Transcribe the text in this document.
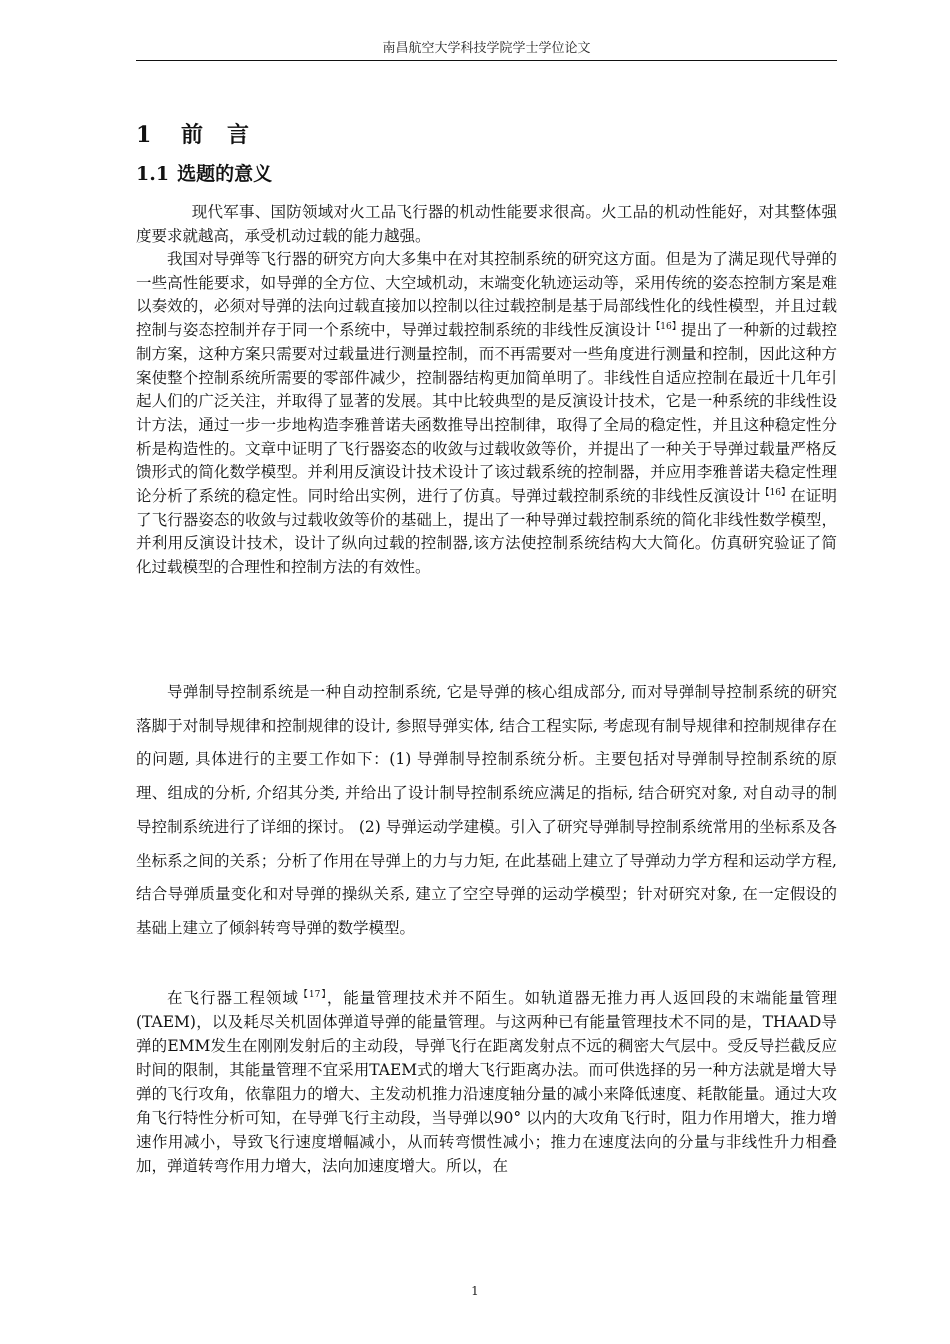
南昌航空大学科技学院学士学位论文
1 前　言
1.1 选题的意义

现代军事、国防领域对火工品飞行器的机动性能要求很高。火工品的机动性能好，对其整体强度要求就越高，承受机动过载的能力越强。

我国对导弹等飞行器的研究方向大多集中在对其控制系统的研究这方面。但是为了满足现代导弹的一些高性能要求，如导弹的全方位、大空域机动，末端变化轨迹运动等，采用传统的姿态控制方案是难以奏效的，必须对导弹的法向过载直接加以控制以往过载控制是基于局部线性化的线性模型，并且过载控制与姿态控制并存于同一个系统中，导弹过载控制系统的非线性反演设计$^{【16】}$提出了一种新的过载控制方案，这种方案只需要对过载量进行测量控制，而不再需要对一些角度进行测量和控制，因此这种方案使整个控制系统所需要的零部件减少，控制器结构更加简单明了。非线性自适应控制在最近十几年引起人们的广泛关注，并取得了显著的发展。其中比较典型的是反演设计技术，它是一种系统的非线性设计方法，通过一步一步地构造李雅普诺夫函数推导出控制律，取得了全局的稳定性，并且这种稳定性分析是构造性的。文章中证明了飞行器姿态的收敛与过载收敛等价，并提出了一种关于导弹过载量严格反馈形式的简化数学模型。并利用反演设计技术设计了该过载系统的控制器，并应用李雅普诺夫稳定性理论分析了系统的稳定性。同时给出实例，进行了仿真。导弹过载控制系统的非线性反演设计$^{【16】}$在证明了飞行器姿态的收敛与过载收敛等价的基础上，提出了一种导弹过载控制系统的简化非线性数学模型，并利用反演设计技术，设计了纵向过载的控制器,该方法使控制系统结构大大简化。仿真研究验证了简化过载模型的合理性和控制方法的有效性。

导弹制导控制系统是一种自动控制系统, 它是导弹的核心组成部分, 而对导弹制导控制系统的研究落脚于对制导规律和控制规律的设计, 参照导弹实体, 结合工程实际, 考虑现有制导规律和控制规律存在的问题, 具体进行的主要工作如下：(1) 导弹制导控制系统分析。主要包括对导弹制导控制系统的原理、组成的分析, 介绍其分类, 并给出了设计制导控制系统应满足的指标, 结合研究对象, 对自动寻的制导控制系统进行了详细的探讨。 (2) 导弹运动学建模。引入了研究导弹制导控制系统常用的坐标系及各坐标系之间的关系；分析了作用在导弹上的力与力矩, 在此基础上建立了导弹动力学方程和运动学方程, 结合导弹质量变化和对导弹的操纵关系, 建立了空空导弹的运动学模型；针对研究对象, 在一定假设的基础上建立了倾斜转弯导弹的数学模型。

在飞行器工程领域$^{【17】}$，能量管理技术并不陌生。如轨道器无推力再人返回段的末端能量管理(TAEM)，以及耗尽关机固体弹道导弹的能量管理。与这两种已有能量管理技术不同的是，THAAD导弹的EMM发生在刚刚发射后的主动段，导弹飞行在距离发射点不远的稠密大气层中。受反导拦截反应时间的限制，其能量管理不宜采用TAEM式的增大飞行距离办法。而可供选择的另一种方法就是增大导弹的飞行攻角，依靠阻力的增大、主发动机推力沿速度轴分量的减小来降低速度、耗散能量。通过大攻角飞行特性分析可知，在导弹飞行主动段，当导弹以90° 以内的大攻角飞行时，阻力作用增大，推力增速作用减小，导致飞行速度增幅减小，从而转弯惯性减小；推力在速度法向的分量与非线性升力相叠加，弹道转弯作用力增大，法向加速度增大。所以，在

1
